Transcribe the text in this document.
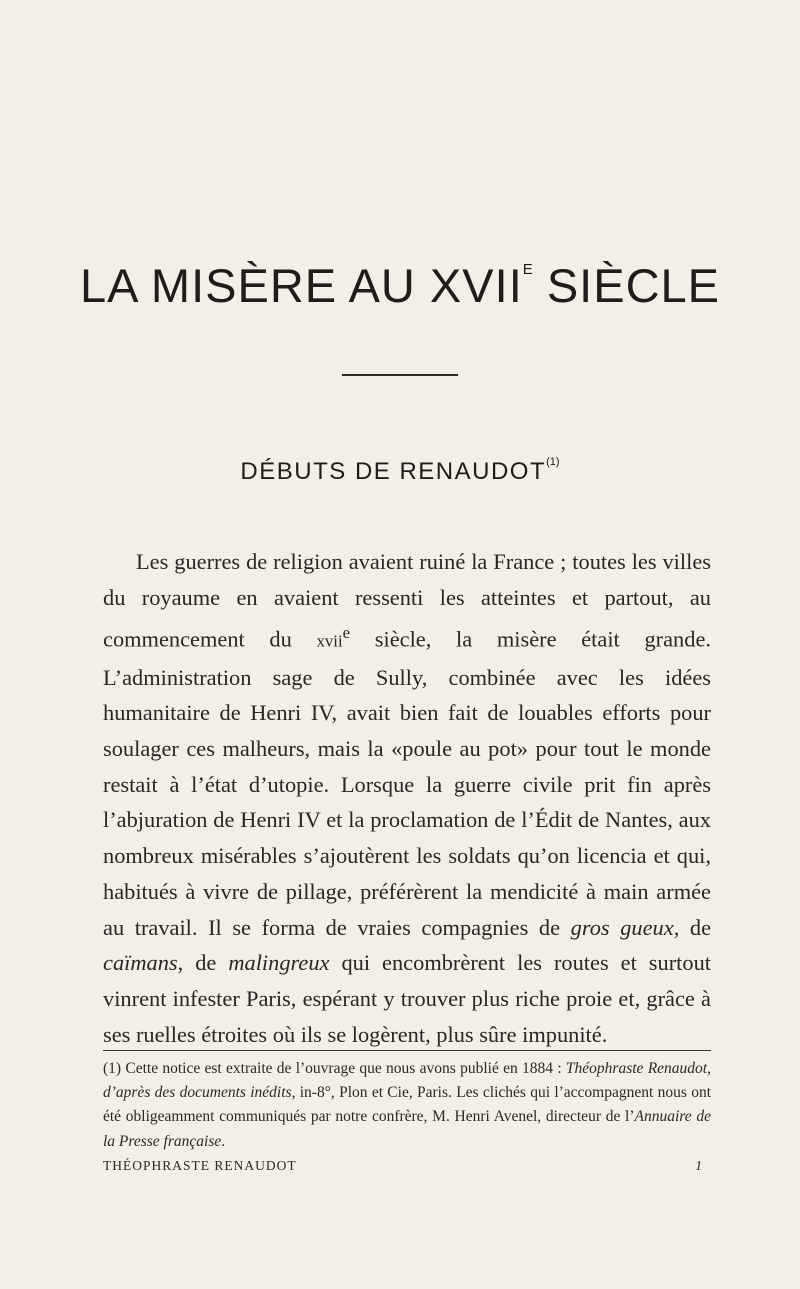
LA MISÈRE AU $XVII^E$ SIÈCLE
DÉBUTS DE RENAUDOT$^{(1)}$

Les guerres de religion avaient ruiné la France ; toutes les villes du royaume en avaient ressenti les atteintes et partout, au commencement du xvii$^e$ siècle, la misère était grande. L’administration sage de Sully, combinée avec les idées humanitaire de Henri IV, avait bien fait de louables efforts pour soulager ces malheurs, mais la «poule au pot» pour tout le monde restait à l’état d’utopie. Lorsque la guerre civile prit fin après l’abjuration de Henri IV et la proclamation de l’Édit de Nantes, aux nombreux misérables s’ajoutèrent les soldats qu’on licencia et qui, habitués à vivre de pillage, préférèrent la mendicité à main armée au travail. Il se forma de vraies compagnies de gros gueux, de caïmans, de malingreux qui encombrèrent les routes et surtout vinrent infester Paris, espérant y trouver plus riche proie et, grâce à ses ruelles étroites où ils se logèrent, plus sûre impunité.

(1) Cette notice est extraite de l’ouvrage que nous avons publié en 1884 : Théophraste Renaudot, d’après des documents inédits, in-8°, Plon et Cie, Paris. Les clichés qui l’accompagnent nous ont été obligeamment communiqués par notre confrère, M. Henri Avenel, directeur de l’Annuaire de la Presse française.

THÉOPHRASTE RENAUDOT	1
